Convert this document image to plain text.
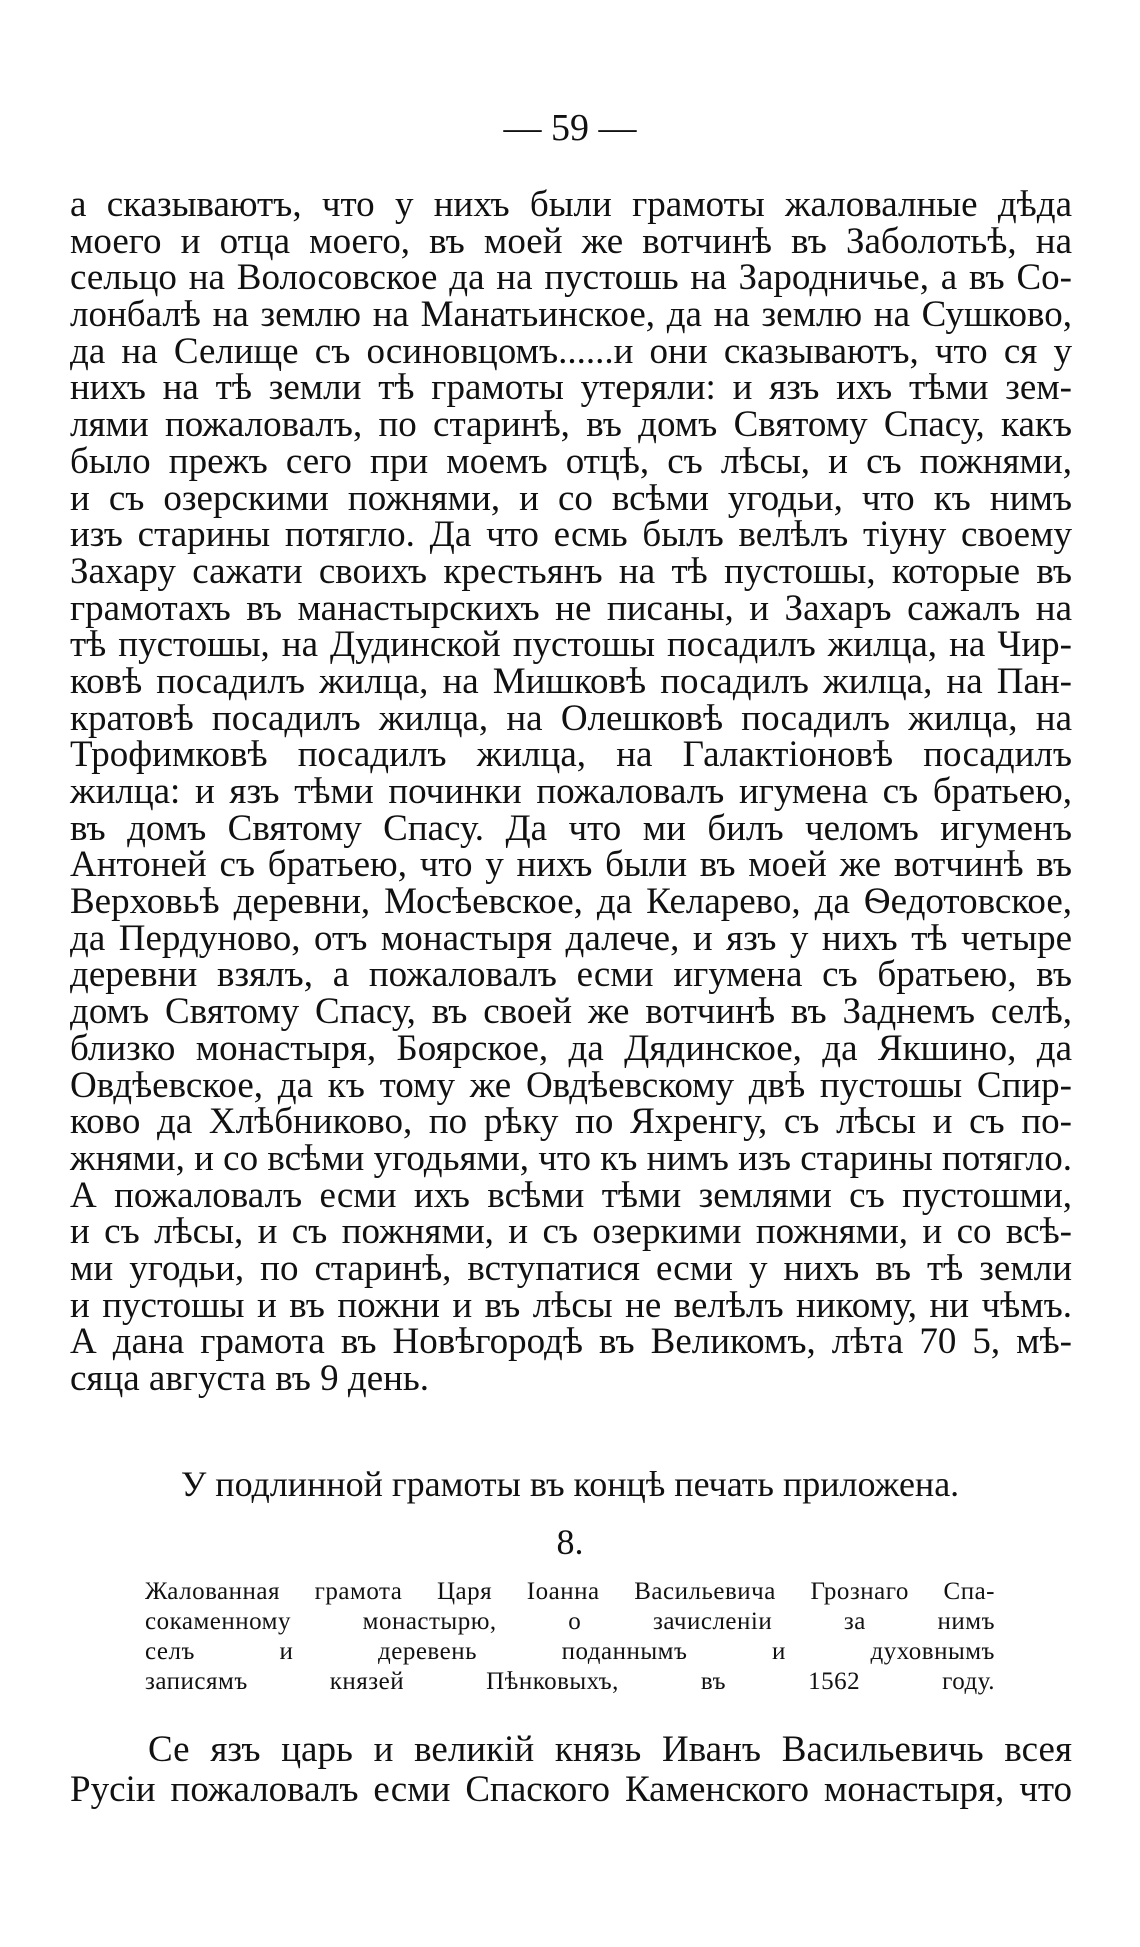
— 59 —
а сказываютъ, что у нихъ были грамоты жаловалные дѣда
моего и отца моего, въ моей же вотчинѣ въ Заболотьѣ, на
сельцо на Волосовское да на пустошь на Зародничье, а въ Со-
лонбалѣ на землю на Манатьинское, да на землю на Сушково,
да на Селище съ осиновцомъ......и они сказываютъ, что ся у
нихъ на тѣ земли тѣ грамоты утеряли: и язъ ихъ тѣми зем-
лями пожаловалъ, по старинѣ, въ домъ Святому Спасу, какъ
было прежъ сего при моемъ отцѣ, съ лѣсы, и съ пожнями,
и съ озерскими пожнями, и со всѣми угодьи, что къ нимъ
изъ старины потягло. Да что есмь былъ велѣлъ тіуну своему
Захару сажати своихъ крестьянъ на тѣ пустошы, которые въ
грамотахъ въ манастырскихъ не писаны, и Захаръ сажалъ на
тѣ пустошы, на Дудинской пустошы посадилъ жилца, на Чир-
ковѣ посадилъ жилца, на Мишковѣ посадилъ жилца, на Пан-
кратовѣ посадилъ жилца, на Олешковѣ посадилъ жилца, на
Трофимковѣ посадилъ жилца, на Галактіоновѣ посадилъ
жилца: и язъ тѣми починки пожаловалъ игумена съ братьею,
въ домъ Святому Спасу. Да что ми билъ челомъ игуменъ
Антоней съ братьею, что у нихъ были въ моей же вотчинѣ въ
Верховьѣ деревни, Мосѣевское, да Келарево, да Ѳедотовское,
да Пердуново, отъ монастыря далече, и язъ у нихъ тѣ четыре
деревни взялъ, а пожаловалъ есми игумена съ братьею, въ
домъ Святому Спасу, въ своей же вотчинѣ въ Заднемъ селѣ,
близко монастыря, Боярское, да Дядинское, да Якшино, да
Овдѣевское, да къ тому же Овдѣевскому двѣ пустошы Спир-
ково да Хлѣбниково, по рѣку по Яхренгу, съ лѣсы и съ по-
жнями, и со всѣми угодьями, что къ нимъ изъ старины потягло.
А пожаловалъ есми ихъ всѣми тѣми землями съ пустошми,
и съ лѣсы, и съ пожнями, и съ озеркими пожнями, и со всѣ-
ми угодьи, по старинѣ, вступатися есми у нихъ въ тѣ земли
и пустошы и въ пожни и въ лѣсы не велѣлъ никому, ни чѣмъ.
А дана грамота въ Новѣгородѣ въ Великомъ, лѣта 70 5, мѣ-
сяца августа въ 9 день.
У подлинной грамоты въ концѣ печать приложена.
8.
Жалованная грамота Царя Іоанна Васильевича Грознаго Спа-
сокаменному монастырю, о зачисленіи за нимъ
селъ и деревень поданнымъ и духовнымъ
записямъ князей Пѣнковыхъ, въ 1562 году.
Се язъ царь и великій князь Иванъ Васильевичь всея
Русіи пожаловалъ есми Спаского Каменского монастыря, что
